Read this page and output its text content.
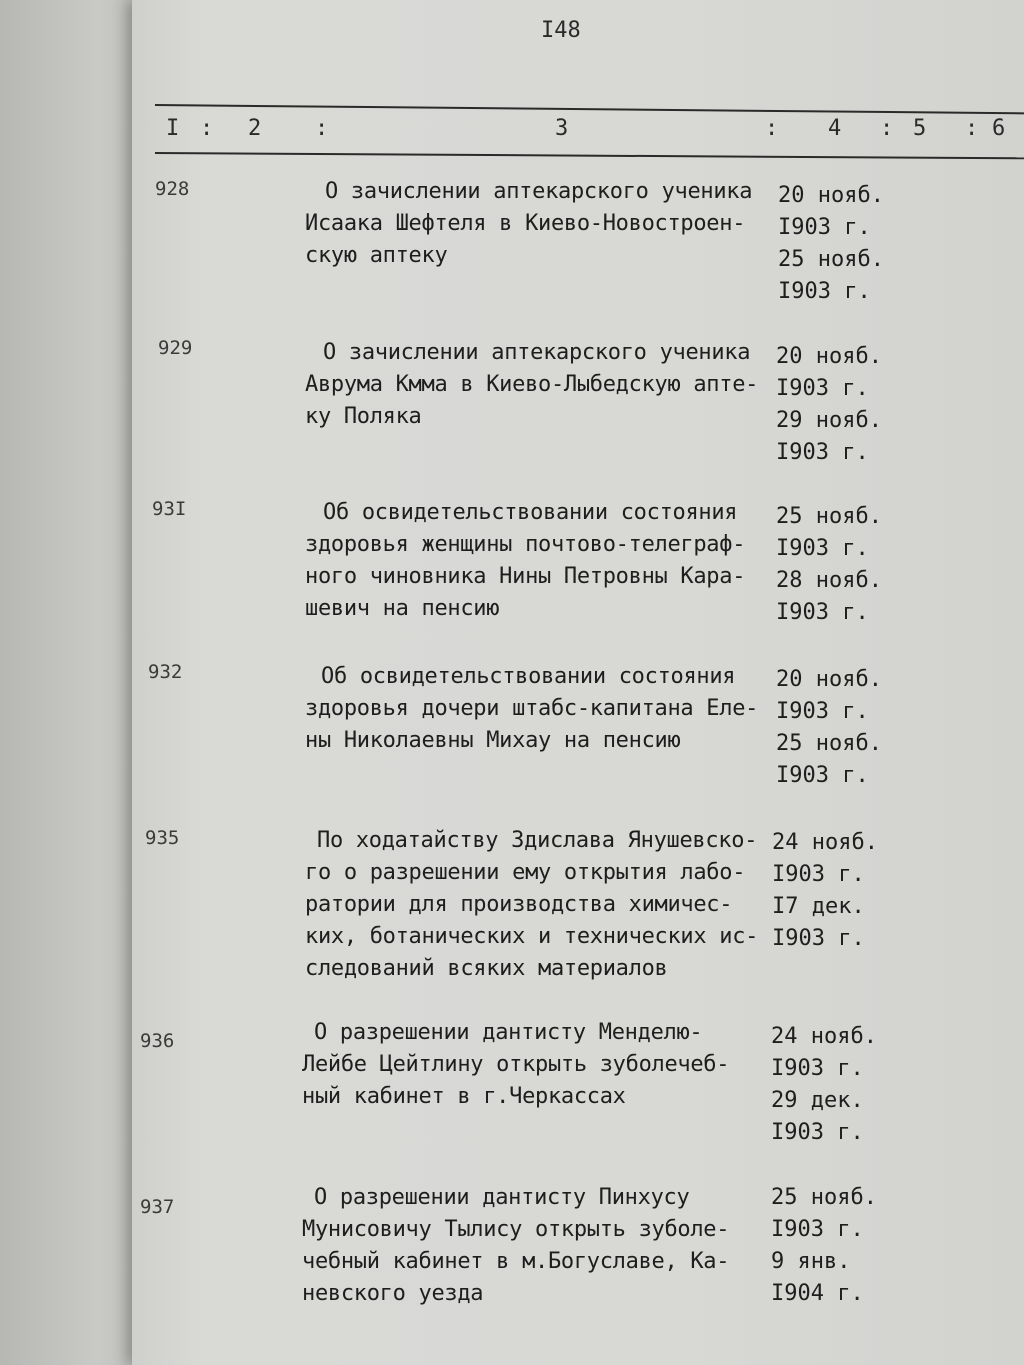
I48
I : 2 :	3	: 4 : 5 : 6
928	О зачислении аптекарского ученика
Исаака Шефтеля в Киево-Новостроен-
скую аптеку
20 нояб.
I903 г.
25 нояб.
I903 г.
929	О зачислении аптекарского ученика
Аврума Кмма в Киево-Лыбедскую апте-
ку Поляка
20 нояб.
I903 г.
29 нояб.
I903 г.
93I	Об освидетельствовании состояния
здоровья женщины почтово-телеграф-
ного чиновника Нины Петровны Кара-
шевич на пенсию
25 нояб.
I903 г.
28 нояб.
I903 г.
932	Об освидетельствовании состояния
здоровья дочери штабс-капитана Еле-
ны Николаевны Михау на пенсию
20 нояб.
I903 г.
25 нояб.
I903 г.
935	По ходатайству Здислава Янушевско-
го о разрешении ему открытия лабо-
ратории для производства химичес-
ких, ботанических и технических ис-
следований всяких материалов
24 нояб.
I903 г.
I7 дек.
I903 г.
936	О разрешении дантисту Менделю-
Лейбе Цейтлину открыть зуболечеб-
ный кабинет в г.Черкассах
24 нояб.
I903 г.
29 дек.
I903 г.
937	О разрешении дантисту Пинхусу
Мунисовичу Тылису открыть зуболе-
чебный кабинет в м.Богуславе, Ка-
невского уезда
25 нояб.
I903 г.
9 янв.
I904 г.
